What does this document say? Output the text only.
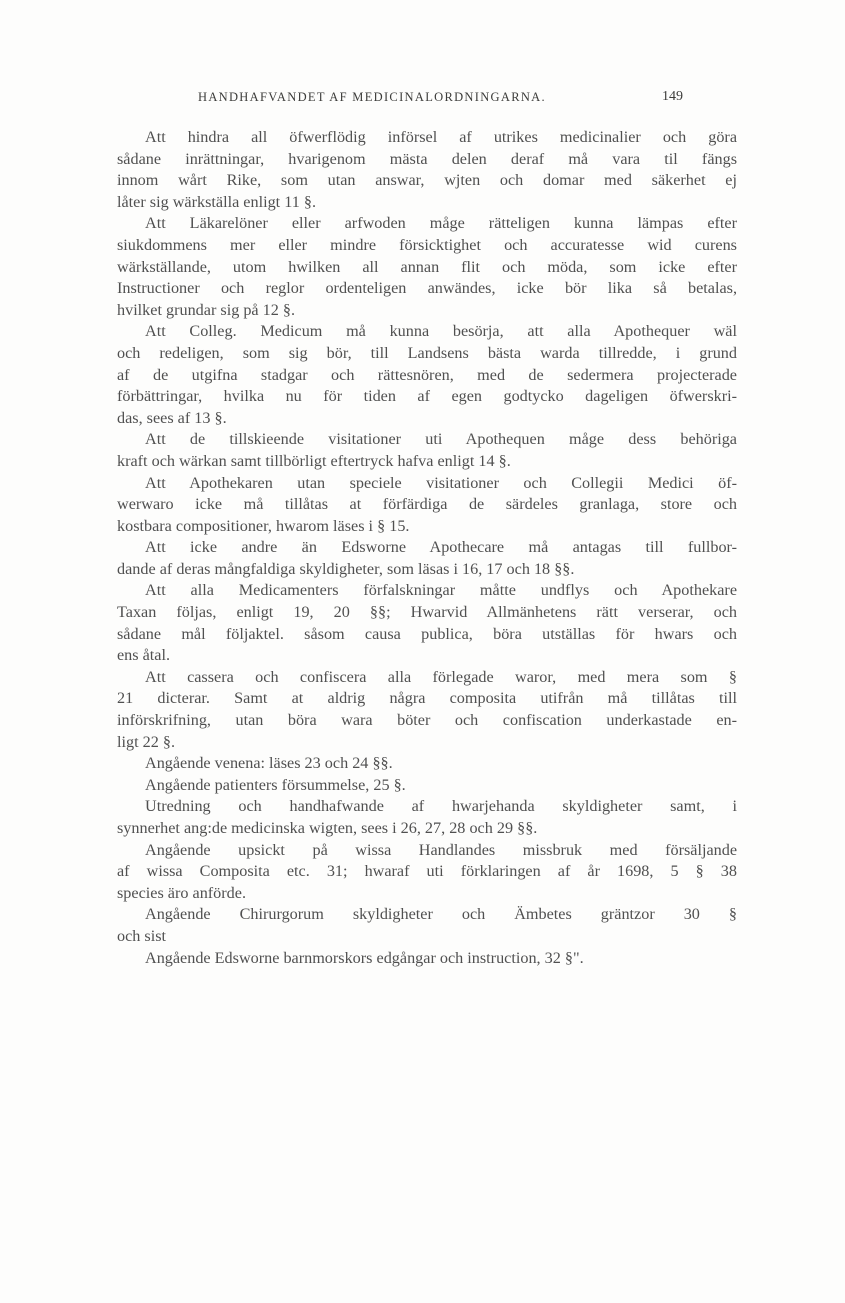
HANDHAFVANDET AF MEDICINALORDNINGARNA.	149
Att hindra all öfwerflödig införsel af utrikes medicinalier och göra
sådane inrättningar, hvarigenom mästa delen deraf må vara til fängs
innom wårt Rike, som utan answar, wjten och domar med säkerhet ej
låter sig wärkställa enligt 11 §.
Att Läkarelöner eller arfwoden måge rätteligen kunna lämpas efter
siukdommens mer eller mindre försicktighet och accuratesse wid curens
wärkställande, utom hwilken all annan flit och möda, som icke efter
Instructioner och reglor ordenteligen anwändes, icke bör lika så betalas,
hvilket grundar sig på 12 §.
Att Colleg. Medicum må kunna besörja, att alla Apothequer wäl
och redeligen, som sig bör, till Landsens bästa warda tillredde, i grund
af de utgifna stadgar och rättesnören, med de sedermera projecterade
förbättringar, hvilka nu för tiden af egen godtycko dageligen öfwerskri-
das, sees af 13 §.
Att de tillskieende visitationer uti Apothequen måge dess behöriga
kraft och wärkan samt tillbörligt eftertryck hafva enligt 14 §.
Att Apothekaren utan speciele visitationer och Collegii Medici öf-
werwaro icke må tillåtas at förfärdiga de särdeles granlaga, store och
kostbara compositioner, hwarom läses i § 15.
Att icke andre än Edsworne Apothecare må antagas till fullbor-
dande af deras mångfaldiga skyldigheter, som läsas i 16, 17 och 18 §§.
Att alla Medicamenters förfalskningar måtte undflys och Apothekare
Taxan följas, enligt 19, 20 §§; Hwarvid Allmänhetens rätt verserar, och
sådane mål följaktel. såsom causa publica, böra utställas för hwars och
ens åtal.
Att cassera och confiscera alla förlegade waror, med mera som §
21 dicterar. Samt at aldrig några composita utifrån må tillåtas till
införskrifning, utan böra wara böter och confiscation underkastade en-
ligt 22 §.
Angående venena: läses 23 och 24 §§.
Angående patienters försummelse, 25 §.
Utredning och handhafwande af hwarjehanda skyldigheter samt, i
synnerhet ang:de medicinska wigten, sees i 26, 27, 28 och 29 §§.
Angående upsickt på wissa Handlandes missbruk med försäljande
af wissa Composita etc. 31; hwaraf uti förklaringen af år 1698, 5 § 38
species äro anförde.
Angående Chirurgorum skyldigheter och Ämbetes gräntzor 30 §
och sist
Angående Edsworne barnmorskors edgångar och instruction, 32 §".
